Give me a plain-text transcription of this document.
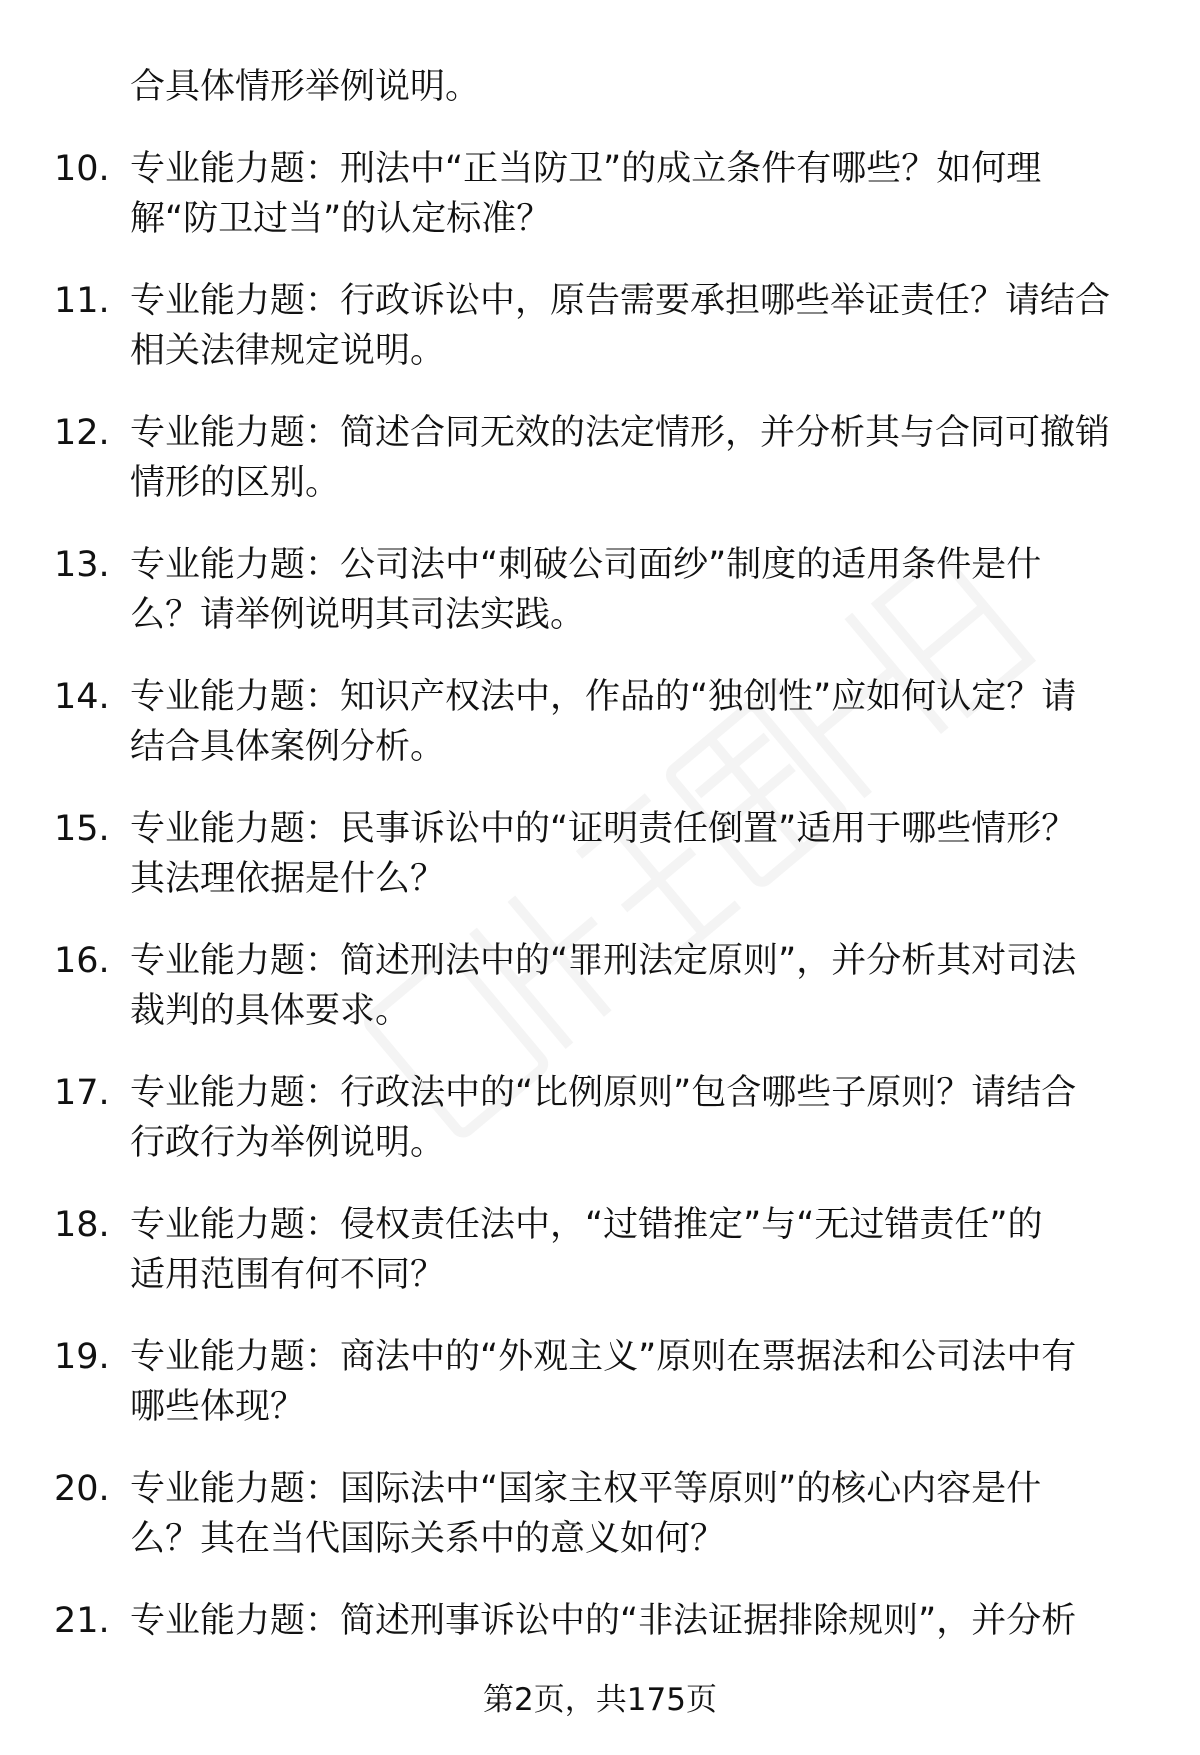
合具体情形举例说明。
10. 专业能力题：刑法中“正当防卫”的成立条件有哪些？如何理
解“防卫过当”的认定标准？
11. 专业能力题：行政诉讼中，原告需要承担哪些举证责任？请结合
相关法律规定说明。
12. 专业能力题：简述合同无效的法定情形，并分析其与合同可撤销
情形的区别。
13. 专业能力题：公司法中“刺破公司面纱”制度的适用条件是什
么？请举例说明其司法实践。
14. 专业能力题：知识产权法中，作品的“独创性”应如何认定？请
结合具体案例分析。
15. 专业能力题：民事诉讼中的“证明责任倒置”适用于哪些情形？
其法理依据是什么？
16. 专业能力题：简述刑法中的“罪刑法定原则”，并分析其对司法
裁判的具体要求。
17. 专业能力题：行政法中的“比例原则”包含哪些子原则？请结合
行政行为举例说明。
18. 专业能力题：侵权责任法中，“过错推定”与“无过错责任”的
适用范围有何不同？
19. 专业能力题：商法中的“外观主义”原则在票据法和公司法中有
哪些体现？
20. 专业能力题：国际法中“国家主权平等原则”的核心内容是什
么？其在当代国际关系中的意义如何？
21. 专业能力题：简述刑事诉讼中的“非法证据排除规则”，并分析
第2页，共175页
